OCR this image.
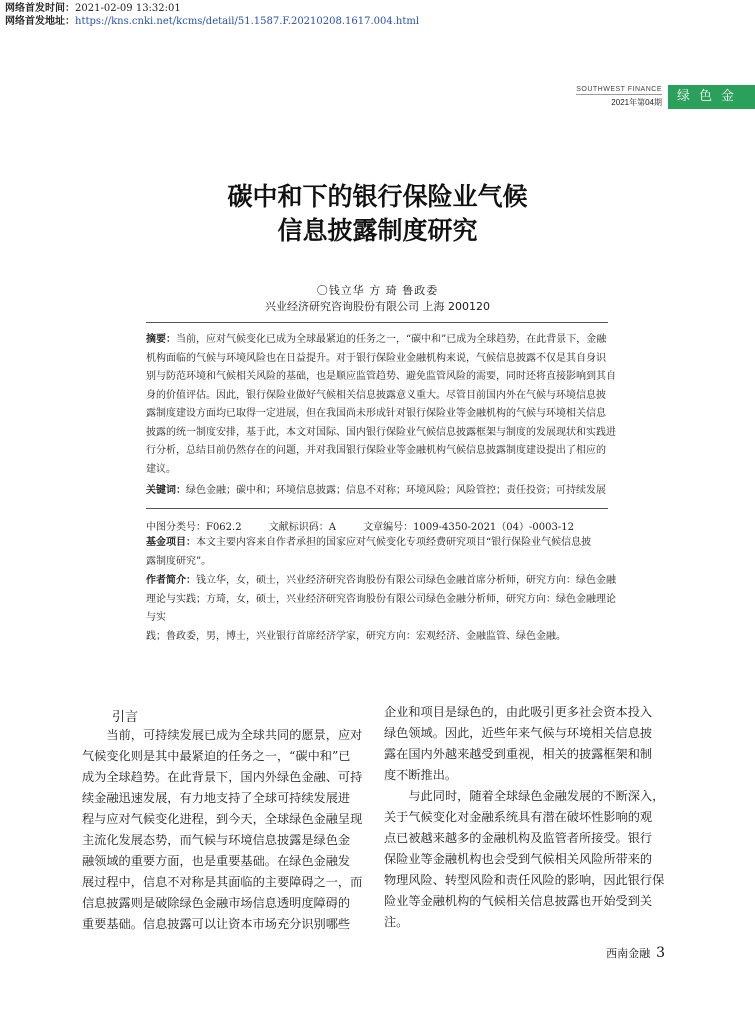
网络首发时间：2021-02-09 13:32:01
网络首发地址：https://kns.cnki.net/kcms/detail/51.1587.F.20210208.1617.004.html
SOUTHWEST FINANCE
2021年第04期	绿色金融
碳中和下的银行保险业气候
信息披露制度研究
〇钱立华 方 琦 鲁政委
兴业经济研究咨询股份有限公司 上海 200120
摘要：当前，应对气候变化已成为全球最紧迫的任务之一，“碳中和”已成为全球趋势，在此背景下，金融
机构面临的气候与环境风险也在日益提升。对于银行保险业金融机构来说，气候信息披露不仅是其自身识
别与防范环境和气候相关风险的基础，也是顺应监管趋势、避免监管风险的需要，同时还将直接影响到其自
身的价值评估。因此，银行保险业做好气候相关信息披露意义重大。尽管目前国内外在气候与环境信息披
露制度建设方面均已取得一定进展，但在我国尚未形成针对银行保险业等金融机构的气候与环境相关信息
披露的统一制度安排，基于此，本文对国际、国内银行保险业气候信息披露框架与制度的发展现状和实践进
行分析，总结目前仍然存在的问题，并对我国银行保险业等金融机构气候信息披露制度建设提出了相应的
建议。
关键词：绿色金融；碳中和；环境信息披露；信息不对称；环境风险；风险管控；责任投资；可持续发展
中图分类号：F062.2	文献标识码：A	文章编号：1009-4350-2021（04）-0003-12
基金项目：本文主要内容来自作者承担的国家应对气候变化专项经费研究项目“银行保险业气候信息披
露制度研究”。
作者简介：钱立华，女，硕士，兴业经济研究咨询股份有限公司绿色金融首席分析师，研究方向：绿色金融
理论与实践；方琦，女，硕士，兴业经济研究咨询股份有限公司绿色金融分析师，研究方向：绿色金融理论与实
践；鲁政委，男，博士，兴业银行首席经济学家，研究方向：宏观经济、金融监管、绿色金融。
引言
当前，可持续发展已成为全球共同的愿景，应对
气候变化则是其中最紧迫的任务之一，“碳中和”已
成为全球趋势。在此背景下，国内外绿色金融、可持
续金融迅速发展，有力地支持了全球可持续发展进
程与应对气候变化进程，到今天，全球绿色金融呈现
主流化发展态势，而气候与环境信息披露是绿色金
融领域的重要方面，也是重要基础。在绿色金融发
展过程中，信息不对称是其面临的主要障碍之一，而
信息披露则是破除绿色金融市场信息透明度障碍的
重要基础。信息披露可以让资本市场充分识别哪些
企业和项目是绿色的，由此吸引更多社会资本投入
绿色领域。因此，近些年来气候与环境相关信息披
露在国内外越来越受到重视，相关的披露框架和制
度不断推出。
与此同时，随着全球绿色金融发展的不断深入，
关于气候变化对金融系统具有潜在破坏性影响的观
点已被越来越多的金融机构及监管者所接受。银行
保险业等金融机构也会受到气候相关风险所带来的
物理风险、转型风险和责任风险的影响，因此银行保
险业等金融机构的气候相关信息披露也开始受到关
注。
西南金融 3
